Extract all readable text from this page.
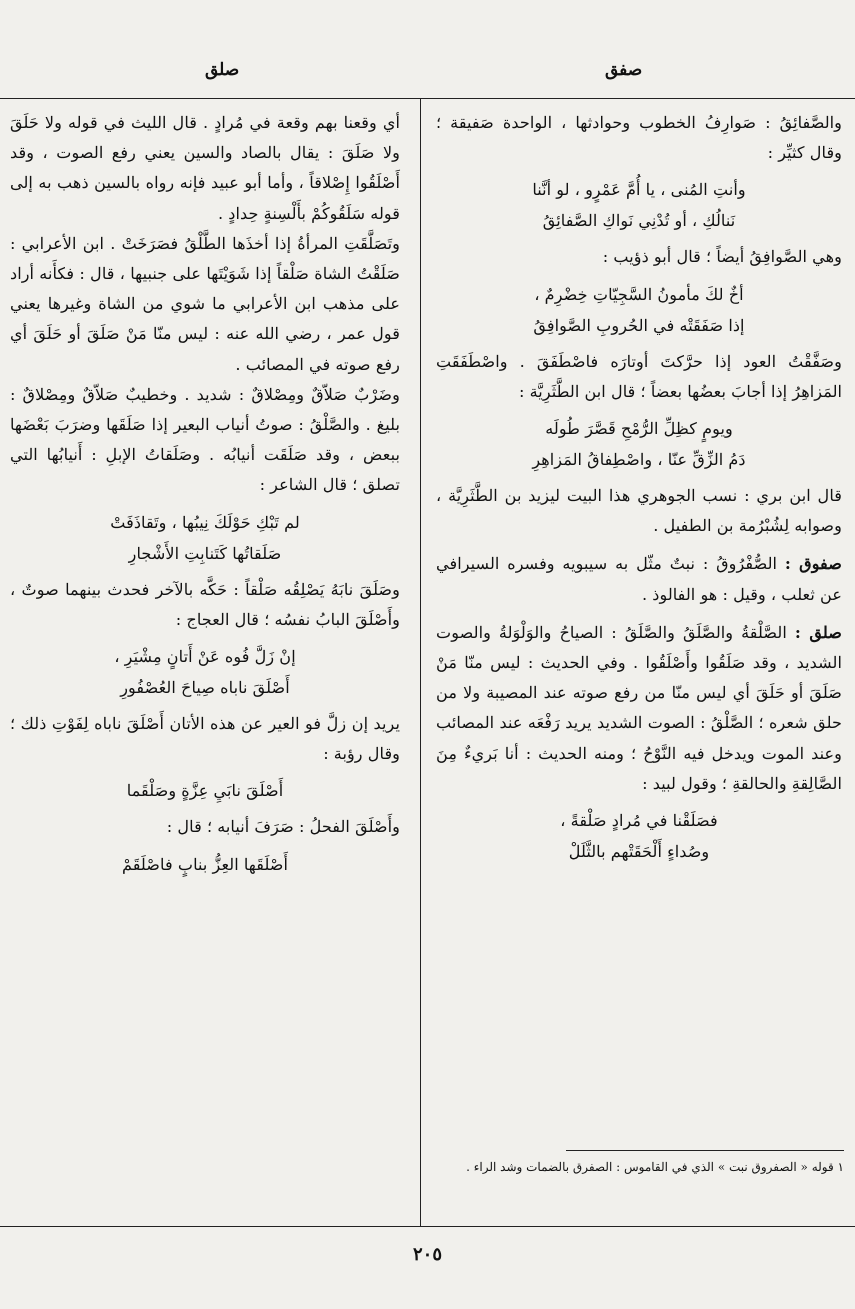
صفق
صلق

والصَّفائِقُ : صَوارِفُ الخطوب وحوادثها ، الواحدة صَفيقة ؛ وقال كثيِّر :

وأنتِ المُنى ، يا أُمَّ عَمْرٍو ، لو أنَّنا
نَنالُكِ ، أو تُدْنِي نَواكِ الصَّفائِقُ

وهي الصَّوافِقُ أيضاً ؛ قال أبو ذؤيب :

أخٌ لكَ مأمونُ السَّجِيّاتِ خِضْرِمٌ ،
إذا صَفَقَتْه في الحُروبِ الصَّوافِقُ

وصَفَّقْتُ العود إذا حرَّكتَ أوتارَه فاصْطَفَقَ . واصْطَفَقَتِ المَزاهِرُ إذا أجابَ بعضُها بعضاً ؛ قال ابن الطَّثَرِيَّة :

ويومٍ كظِلِّ الرُّمْحِ قَصَّرَ طُولَه
دَمُ الزِّقِّ عنّا ، واصْطِفاقُ المَزاهِرِ

قال ابن بري : نسب الجوهري هذا البيت ليزيد بن الطَّثَرِيَّة ، وصوابه لِشُبْرُمة بن الطفيل .

صفوق : الصُّفْرُوقُ : نبتٌ مثّل به سيبويه وفسره السيرافي عن ثعلب ، وقيل : هو الفالوذ .

صلق : الصَّلْقةُ والصَّلَقُ والصَّلَقُ : الصياحُ والوَلْوَلةُ والصوت الشديد ، وقد صَلَقُوا وأَصْلَقُوا . وفي الحديث : ليس منّا مَنْ صَلَقَ أو حَلَقَ أي ليس منّا من رفع صوته عند المصيبة ولا من حلق شعره ؛ الصَّلْقُ : الصوت الشديد يريد رَفْعَه عند المصائب وعند الموت ويدخل فيه النَّوْحُ ؛ ومنه الحديث : أنا بَريءٌ مِنَ الصَّالِقةِ والحالقةِ ؛ وقول لبيد :

فصَلَقْنا في مُرادٍ صَلْقةً ،
وصُداءٍ أَلْحَقَتْهم بالثَّلَلْ

أي وقعنا بهم وقعة في مُرادٍ . قال الليث في قوله ولا حَلَقَ ولا صَلَقَ : يقال بالصاد والسين يعني رفع الصوت ، وقد أَصْلَقُوا إِصْلاقاً ، وأما أبو عبيد فإنه رواه بالسين ذهب به إلى قوله سَلَقُوكُمْ بأَلْسِنةٍ حِدادٍ .

وتَصَلَّقَتِ المرأةُ إذا أخذَها الطَّلْقُ فصَرَخَتْ . ابن الأعرابي : صَلَقْتُ الشاة صَلْقاً إذا شَوَيْتَها على جنبيها ، قال : فكأَنه أراد على مذهب ابن الأعرابي ما شوي من الشاة وغيرها يعني قول عمر ، رضي الله عنه : ليس منّا مَنْ صَلَقَ أو حَلَقَ أي رفع صوته في المصائب .

وضَرْبٌ صَلاّقٌ ومِصْلاقٌ : شديد . وخطيبٌ صَلاّقٌ ومِصْلاقٌ : بليغ . والصَّلْقُ : صوتُ أنياب البعير إذا صَلَقَها وضرَبَ بَعْضَها ببعض ، وقد صَلَقَت أنيابُه . وصَلَقاتُ الإبلِ : أَنيابُها التي تصلق ؛ قال الشاعر :

لم تَبْكِ حَوْلَكَ نِيبُها ، وتَقاذَفَتْ
صَلَقاتُها كَتَنابِتِ الأَشْجارِ

وصَلَقَ نابَهُ يَصْلِقُه صَلْقاً : حَكَّه بالآخر فحدث بينهما صوتٌ ، وأَصْلَقَ البابُ نفسُه ؛ قال العجاج :

إنْ زَلَّ فُوه عَنْ أَتانٍ مِشْيَرِ ،
أَصْلَقَ ناباه صِياحَ العُصْفُورِ

يريد إن زلَّ فو العير عن هذه الأتان أَصْلَقَ ناباه لِفَوْتِ ذلك ؛ وقال رؤبة :

أَصْلَقَ نابَيِ عِزَّةٍ وصَلْقَما

وأَصْلَقَ الفحلُ : صَرَفَ أنيابه ؛ قال :

أَصْلَقَها العِزُّ بنابٍ فاصْلَقَمْ
١ قوله « الصفروق نبت » الذي في القاموس : الصفرق بالضمات وشد الراء .
٢٠٥
